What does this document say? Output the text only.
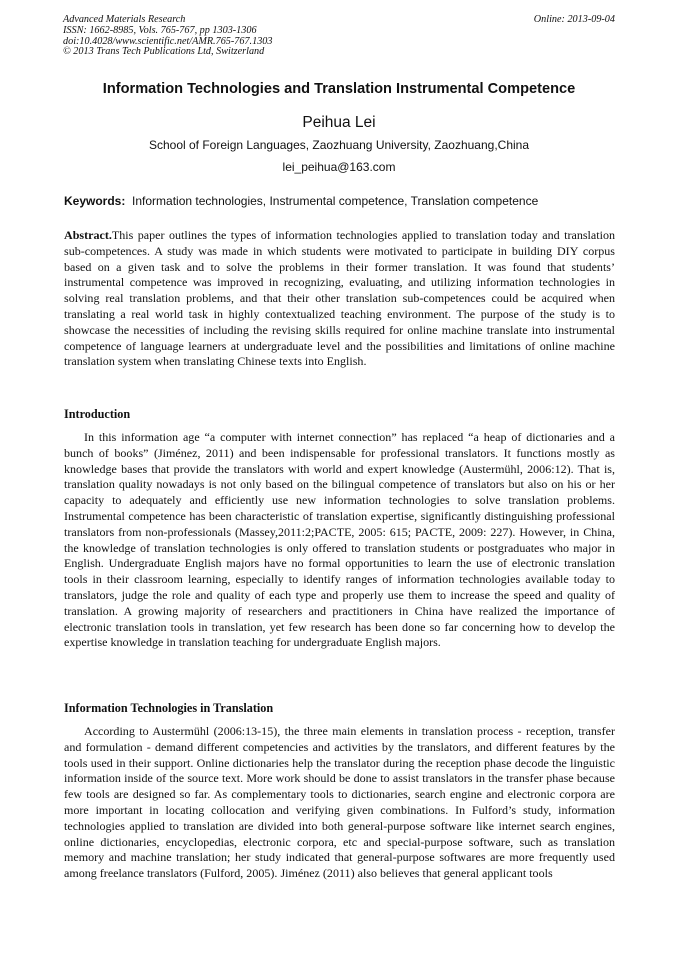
Advanced Materials Research
ISSN: 1662-8985, Vols. 765-767, pp 1303-1306
doi:10.4028/www.scientific.net/AMR.765-767.1303
© 2013 Trans Tech Publications Ltd, Switzerland
Online: 2013-09-04
Information Technologies and Translation Instrumental Competence
Peihua Lei
School of Foreign Languages, Zaozhuang University, Zaozhuang,China
lei_peihua@163.com
Keywords: Information technologies, Instrumental competence, Translation competence

Abstract.This paper outlines the types of information technologies applied to translation today and translation sub-competences. A study was made in which students were motivated to participate in building DIY corpus based on a given task and to solve the problems in their former translation. It was found that students’ instrumental competence was improved in recognizing, evaluating, and utilizing information technologies in solving real translation problems, and that their other translation sub-competences could be acquired when translating a real world task in highly contextualized teaching environment. The purpose of the study is to showcase the necessities of including the revising skills required for online machine translate into instrumental competence of language learners at undergraduate level and the possibilities and limitations of online machine translation system when translating Chinese texts into English.

Introduction

In this information age “a computer with internet connection” has replaced “a heap of dictionaries and a bunch of books” (Jiménez, 2011) and been indispensable for professional translators. It functions mostly as knowledge bases that provide the translators with world and expert knowledge (Austermühl, 2006:12). That is, translation quality nowadays is not only based on the bilingual competence of translators but also on his or her capacity to adequately and efficiently use new information technologies to solve translation problems. Instrumental competence has been characteristic of translation expertise, significantly distinguishing professional translators from non-professionals (Massey,2011:2;PACTE, 2005: 615; PACTE, 2009: 227). However, in China, the knowledge of translation technologies is only offered to translation students or postgraduates who major in English. Undergraduate English majors have no formal opportunities to learn the use of electronic translation tools in their classroom learning, especially to identify ranges of information technologies available today to translators, judge the role and quality of each type and properly use them to increase the speed and quality of translation. A growing majority of researchers and practitioners in China have realized the importance of electronic translation tools in translation, yet few research has been done so far concerning how to develop the expertise knowledge in translation teaching for undergraduate English majors.

Information Technologies in Translation

According to Austermühl (2006:13-15), the three main elements in translation process - reception, transfer and formulation - demand different competencies and activities by the translators, and different features by the tools used in their support. Online dictionaries help the translator during the reception phase decode the linguistic information inside of the source text. More work should be done to assist translators in the transfer phase because few tools are designed so far. As complementary tools to dictionaries, search engine and electronic corpora are more important in locating collocation and verifying given combinations. In Fulford’s study, information technologies applied to translation are divided into both general-purpose software like internet search engines, online dictionaries, encyclopedias, electronic corpora, etc and special-purpose software, such as translation memory and machine translation; her study indicated that general-purpose softwares are more frequently used among freelance translators (Fulford, 2005). Jiménez (2011) also believes that general applicant tools
